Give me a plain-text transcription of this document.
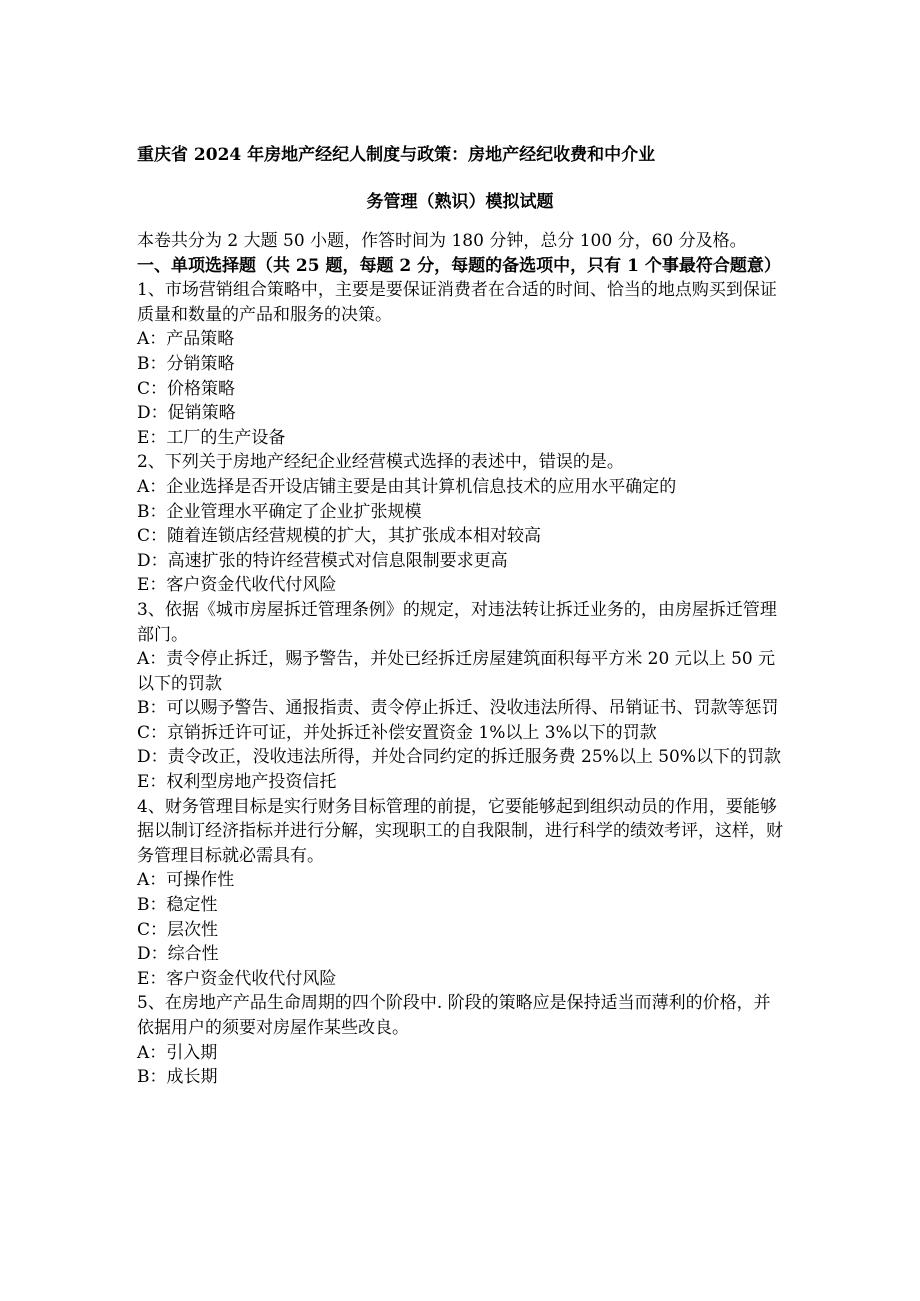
重庆省 2024 年房地产经纪人制度与政策：房地产经纪收费和中介业
务管理（熟识）模拟试题

本卷共分为 2 大题 50 小题，作答时间为 180 分钟，总分 100 分，60 分及格。

一、单项选择题（共 25 题，每题 2 分，每题的备选项中，只有 1 个事最符合题意）

1、市场营销组合策略中，主要是要保证消费者在合适的时间、恰当的地点购买到保证质量和数量的产品和服务的决策。

A：产品策略

B：分销策略

C：价格策略

D：促销策略

E：工厂的生产设备

2、下列关于房地产经纪企业经营模式选择的表述中，错误的是。

A：企业选择是否开设店铺主要是由其计算机信息技术的应用水平确定的

B：企业管理水平确定了企业扩张规模

C：随着连锁店经营规模的扩大，其扩张成本相对较高

D：高速扩张的特许经营模式对信息限制要求更高

E：客户资金代收代付风险

3、依据《城市房屋拆迁管理条例》的规定，对违法转让拆迁业务的，由房屋拆迁管理部门。

A：责令停止拆迁，赐予警告，并处已经拆迁房屋建筑面积每平方米 20 元以上 50 元以下的罚款

B：可以赐予警告、通报指责、责令停止拆迁、没收违法所得、吊销证书、罚款等惩罚

C：京销拆迁许可证，并处拆迁补偿安置资金 1%以上 3%以下的罚款

D：责令改正，没收违法所得，并处合同约定的拆迁服务费 25%以上 50%以下的罚款

E：权利型房地产投资信托

4、财务管理目标是实行财务目标管理的前提，它要能够起到组织动员的作用，要能够据以制订经济指标并进行分解，实现职工的自我限制，进行科学的绩效考评，这样，财务管理目标就必需具有。

A：可操作性

B：稳定性

C：层次性

D：综合性

E：客户资金代收代付风险

5、在房地产产品生命周期的四个阶段中. 阶段的策略应是保持适当而薄利的价格，并依据用户的须要对房屋作某些改良。

A：引入期

B：成长期
